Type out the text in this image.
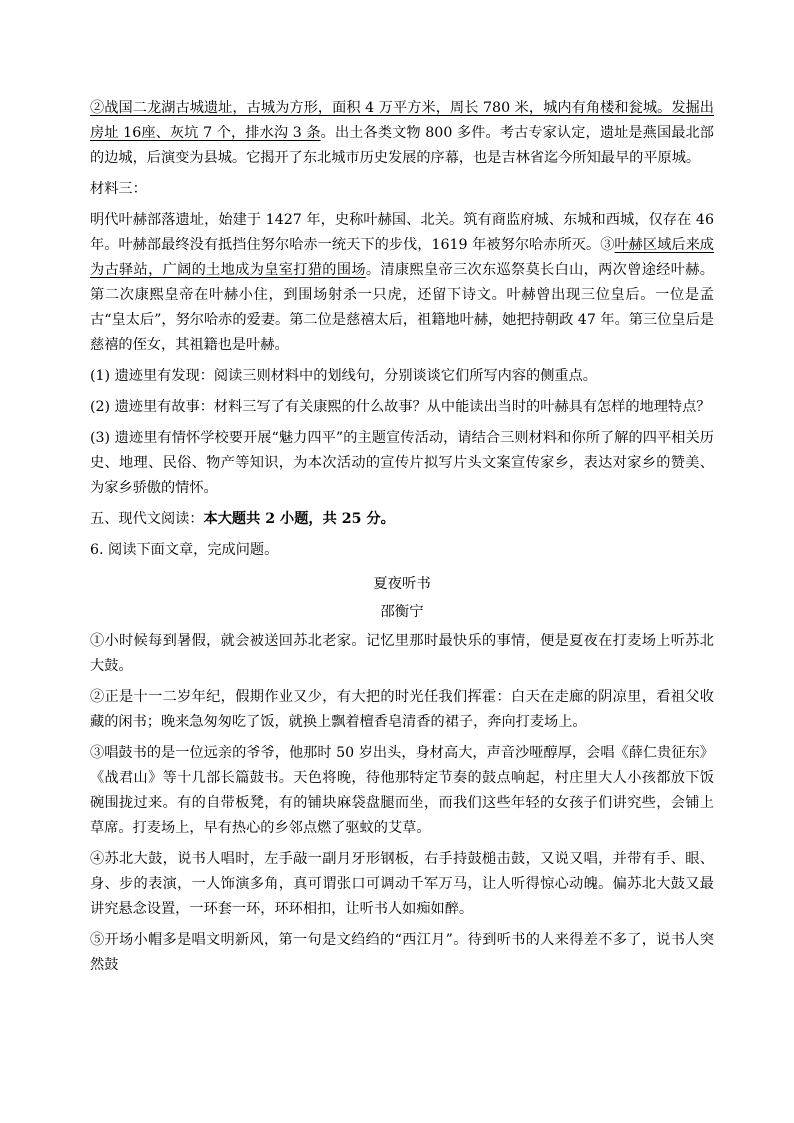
②战国二龙湖古城遗址，古城为方形，面积 4 万平方米，周长 780 米，城内有角楼和瓮城。发掘出房址 16座、灰坑 7 个，排水沟 3 条。出土各类文物 800 多件。考古专家认定，遗址是燕国最北部的边城，后演变为县城。它揭开了东北城市历史发展的序幕，也是吉林省迄今所知最早的平原城。

材料三：

明代叶赫部落遗址，始建于 1427 年，史称叶赫国、北关。筑有商监府城、东城和西城，仅存在 46 年。叶赫部最终没有抵挡住努尔哈赤一统天下的步伐，1619 年被努尔哈赤所灭。③叶赫区域后来成为古驿站，广阔的土地成为皇室打猎的围场。清康熙皇帝三次东巡祭莫长白山，两次曾途经叶赫。第二次康熙皇帝在叶赫小住，到围场射杀一只虎，还留下诗文。叶赫曾出现三位皇后。一位是孟古“皇太后”，努尔哈赤的爱妻。第二位是慈禧太后，祖籍地叶赫，她把持朝政 47 年。第三位皇后是慈禧的侄女，其祖籍也是叶赫。

(1) 遗迹里有发现：阅读三则材料中的划线句，分别谈谈它们所写内容的侧重点。

(2) 遗迹里有故事：材料三写了有关康熙的什么故事？从中能读出当时的叶赫具有怎样的地理特点？

(3) 遗迹里有情怀学校要开展“魅力四平”的主题宣传活动，请结合三则材料和你所了解的四平相关历史、地理、民俗、物产等知识，为本次活动的宣传片拟写片头文案宣传家乡，表达对家乡的赞美、为家乡骄傲的情怀。

五、现代文阅读：本大题共 2 小题，共 25 分。

6. 阅读下面文章，完成问题。

夏夜听书

邵衡宁

①小时候每到暑假，就会被送回苏北老家。记忆里那时最快乐的事情，便是夏夜在打麦场上听苏北大鼓。

②正是十一二岁年纪，假期作业又少，有大把的时光任我们挥霍：白天在走廊的阴凉里，看祖父收藏的闲书；晚来急匆匆吃了饭，就换上飘着檀香皂清香的裙子，奔向打麦场上。

③唱鼓书的是一位远亲的爷爷，他那时 50 岁出头，身材高大，声音沙哑醇厚，会唱《薛仁贵征东》《战君山》等十几部长篇鼓书。天色将晚，待他那特定节奏的鼓点响起，村庄里大人小孩都放下饭碗围拢过来。有的自带板凳，有的铺块麻袋盘腿而坐，而我们这些年轻的女孩子们讲究些，会铺上草席。打麦场上，早有热心的乡邻点燃了驱蚊的艾草。

④苏北大鼓，说书人唱时，左手敲一副月牙形钢板，右手持鼓槌击鼓，又说又唱，并带有手、眼、身、步的表演，一人饰演多角，真可谓张口可调动千军万马，让人听得惊心动魄。偏苏北大鼓又最讲究悬念设置，一环套一环，环环相扣，让听书人如痴如醉。

⑤开场小帽多是唱文明新风，第一句是文绉绉的“西江月”。待到听书的人来得差不多了，说书人突然鼓
